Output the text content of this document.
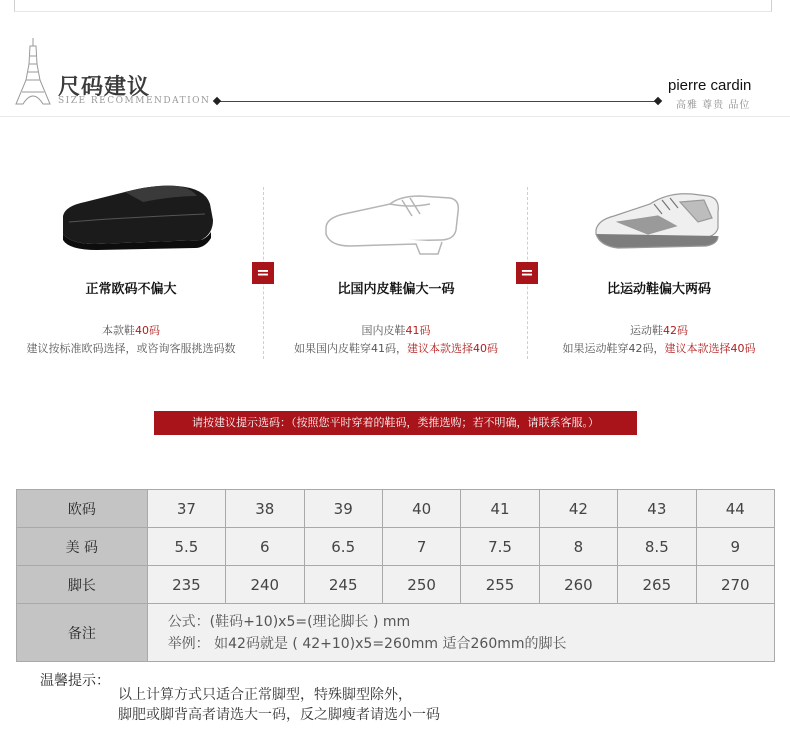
尺码建议
SIZE RECOMMENDATION
pierre cardin
高雅 尊贵 品位
正常欧码不偏大	比国内皮鞋偏大一码	比运动鞋偏大两码
本款鞋40码
建议按标准欧码选择，或咨询客服挑选码数
国内皮鞋41码
如果国内皮鞋穿41码，建议本款选择40码
运动鞋42码
如果运动鞋穿42码，建议本款选择40码
=	=
请按建议提示选码：（按照您平时穿着的鞋码，类推选购；若不明确，请联系客服。）
欧码	37	38	39	40	41	42	43	44
美 码	5.5	6	6.5	7	7.5	8	8.5	9
脚长	235	240	245	250	255	260	265	270
备注	公式：(鞋码+10)x5=(理论脚长 ) mm
举例： 如42码就是 ( 42+10)x5=260mm 适合260mm的脚长							
温馨提示：
以上计算方式只适合正常脚型，特殊脚型除外，
脚肥或脚背高者请选大一码，反之脚瘦者请选小一码
